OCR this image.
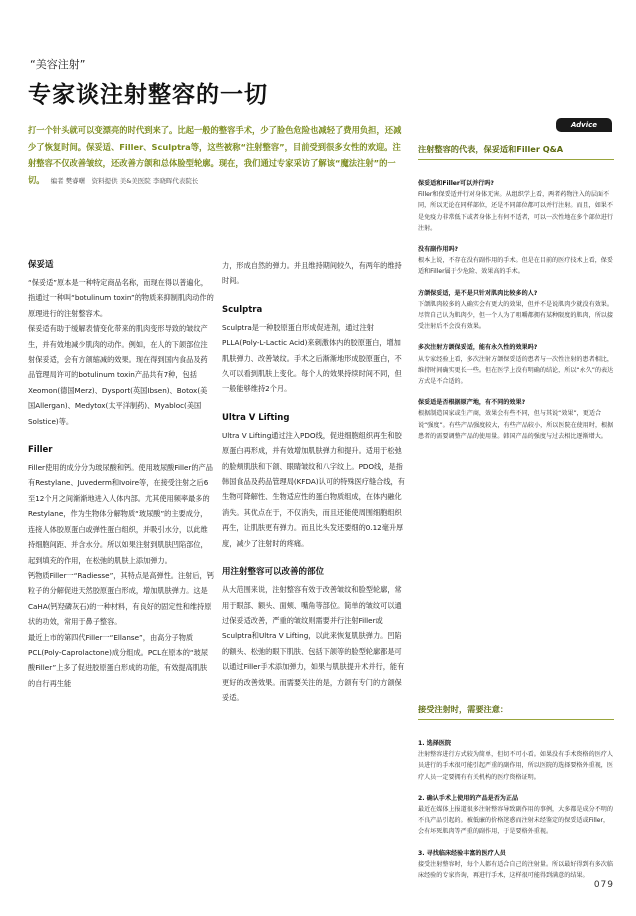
“美容注射”
专家谈注射整容的一切
打一个针头就可以变漂亮的时代到来了。比起一般的整容手术，少了脸色危险也减轻了费用负担，还减少了恢复时间。保妥适、Filler、Sculptra等，这些被称“注射整容”，目前受到很多女性的欢迎。注射整容不仅改善皱纹，还改善方颌和总体脸型轮廓。现在，我们通过专家采访了解该“魔法注射”的一切。 编者 樊睿曙　资料提供 美&美医院 李晓晖代表院长
保妥适

“保妥适”原本是一种特定商品名称，而现在得以普遍化，指通过一种叫“botulinum toxin”的物质来抑制肌肉动作的原理进行的注射整容术。

保妥适有助于缓解表情变化带来的肌肉变形导致的皱纹产生，并有效地减少肌肉的动作。例如，在人的下颌部位注射保妥适，会有方颌缩减的效果。现在得到国内食品及药品管理局许可的botulinum toxin产品共有7种，包括Xeomon(德国Merz)、Dysport(英国Ibsen)、Botox(美国Allergan)、Medytox(太平洋制药)、Myabloc(美国Solstice)等。

Filler

Filler使用的成分分为玻尿酸和钙。使用玻尿酸Filler的产品有Restylane、Juvederm和Ivoire等，在接受注射之后6至12个月之间渐渐地进入人体内部。尤其使用频率最多的Restylane，作为生物体分解物质“玻尿酸”的主要成分，连接人体胶原蛋白或弹性蛋白组织，并吸引水分，以此维持细胞间距、并含水分。所以如果注射到肌肤凹陷部位，起到填充的作用，在松弛的肌肤上添加弹力。

钙物质Filler一“Radiesse”，其特点是高弹性。注射后，钙粒子的分解促进天然胶原蛋白形成，增加肌肤弹力。这是CaHA(钙羟磷灰石)的一种材料，有良好的固定性和维持原状的功效，常用于鼻子整容。

最近上市的第四代Filler一“Ellanse”，由高分子物质PCL(Poly-Caprolactone)成分组成。PCL在原本的“玻尿酸Filler”上多了促进胶原蛋白形成的功能，有效提高肌肤的自行再生能

力，形成自然的弹力。并且维持期间较久，有两年的维持时间。

Sculptra

Sculptra是一种胶原蛋白形成促进剂，通过注射PLLA(Poly-L-Lactic Acid)来刺激体内的胶原蛋白，增加肌肤弹力、改善皱纹。手术之后渐渐地形成胶原蛋白，不久可以看到肌肤上变化。每个人的效果持续时间不同，但一般能够维持2个月。

Ultra V Lifting

Ultra V Lifting通过注入PDO线，促进细胞组织再生和胶原蛋白再形成，并有效增加肌肤弹力和提升。适用于松弛的脸颊肌肤和下颌、眼睛皱纹和八字纹上。PDO线，是指韩国食品及药品管理局(KFDA)认可的特殊医疗缝合线，有生物可降解性、生物适应性的蛋白物质组成，在体内融化消失。其优点在于，不仅消失，而且还能使周围细胞组织再生，让肌肤更有弹力。而且比头发还要细的0.12毫升厚度，减少了注射时的疼痛。

用注射整容可以改善的部位

从大范围来说，注射整容有效于改善皱纹和脸型轮廓，常用于眼部、额头、面颊、嘴角等部位。简单的皱纹可以通过保妥适改善，严重的皱纹则需要并行注射Filler或Sculptra和Ultra V Lifting，以此来恢复肌肤弹力。凹陷的额头、松弛的眼下肌肤、包括下颌等的脸型轮廓都是可以通过Filler手术添加弹力，如果与肌肤提升术并行，能有更好的改善效果。而需要关注的是，方颌有专门的方颌保妥适。

Advice
注射整容的代表，保妥适和Filler Q&A
保妥适和Filler可以并行吗?
Filler和保妥适并行对身体无害。从组织学上看，两者药物注入的层面不同，所以无论在同样部位，还是不同部位都可以并行注射。而且，如果不是免疫力非常低下或者身体上有何不适者，可以一次性地在多个部位进行注射。
没有副作用吗?
根本上说，不存在没有副作用的手术。但是在目前的医疗技术上看，保妥适和Filler属于少危险、效果高的手术。
方颌保妥适，是不是只针对肌肉比较多的人?
下颌肌肉较多的人确实会有更大的效果，但并不是说肌肉少就没有效果。尽管自己认为肌肉少，但一个人为了咀嚼都拥有某种限度的肌肉，所以接受注射后不会没有效果。
多次注射方颌保妥适，能有永久性的效果吗?
从专家经验上看，多次注射方颌保妥适的患者与一次性注射的患者相比，维持时间确实更长一些。但在医学上没有明确的结论，所以“永久”的表达方式是不合适的。
保妥适是否根据原产地，有不同的效果?
根据制造国家或生产商，效果会有些不同，但与其说“效果”，更适合说“强度”。有些产品强度较大，有些产品较小，所以医院在使用时，根据患者的需要调整产品的使用量。韩国产品的强度与过去相比逐渐增大。
接受注射时，需要注意：
1. 选择医院
注射整容进行方式较为简单，但切不可小看。如果没有手术资格的医疗人员进行的手术很可能引起严重的副作用，所以医院的选择要格外重视，医疗人员一定要拥有有关机构的医疗资格证明。
2. 确认手术上使用的产品是否为正品
最近在媒体上报道很多注射整容导致副作用的事例，大多都是成分不明的不良产品引起的。被低廉的价格迷惑而注射未经鉴定的保妥适或Filler，会有坏死肌肉等严重的副作用，于是要格外重视。
3. 寻找临床经验丰富的医疗人员
接受注射整容时，每个人都有适合自己的注射量。所以最好得到有多次临床经验的专家咨询，再进行手术，这样很可能得到满意的结果。
079
